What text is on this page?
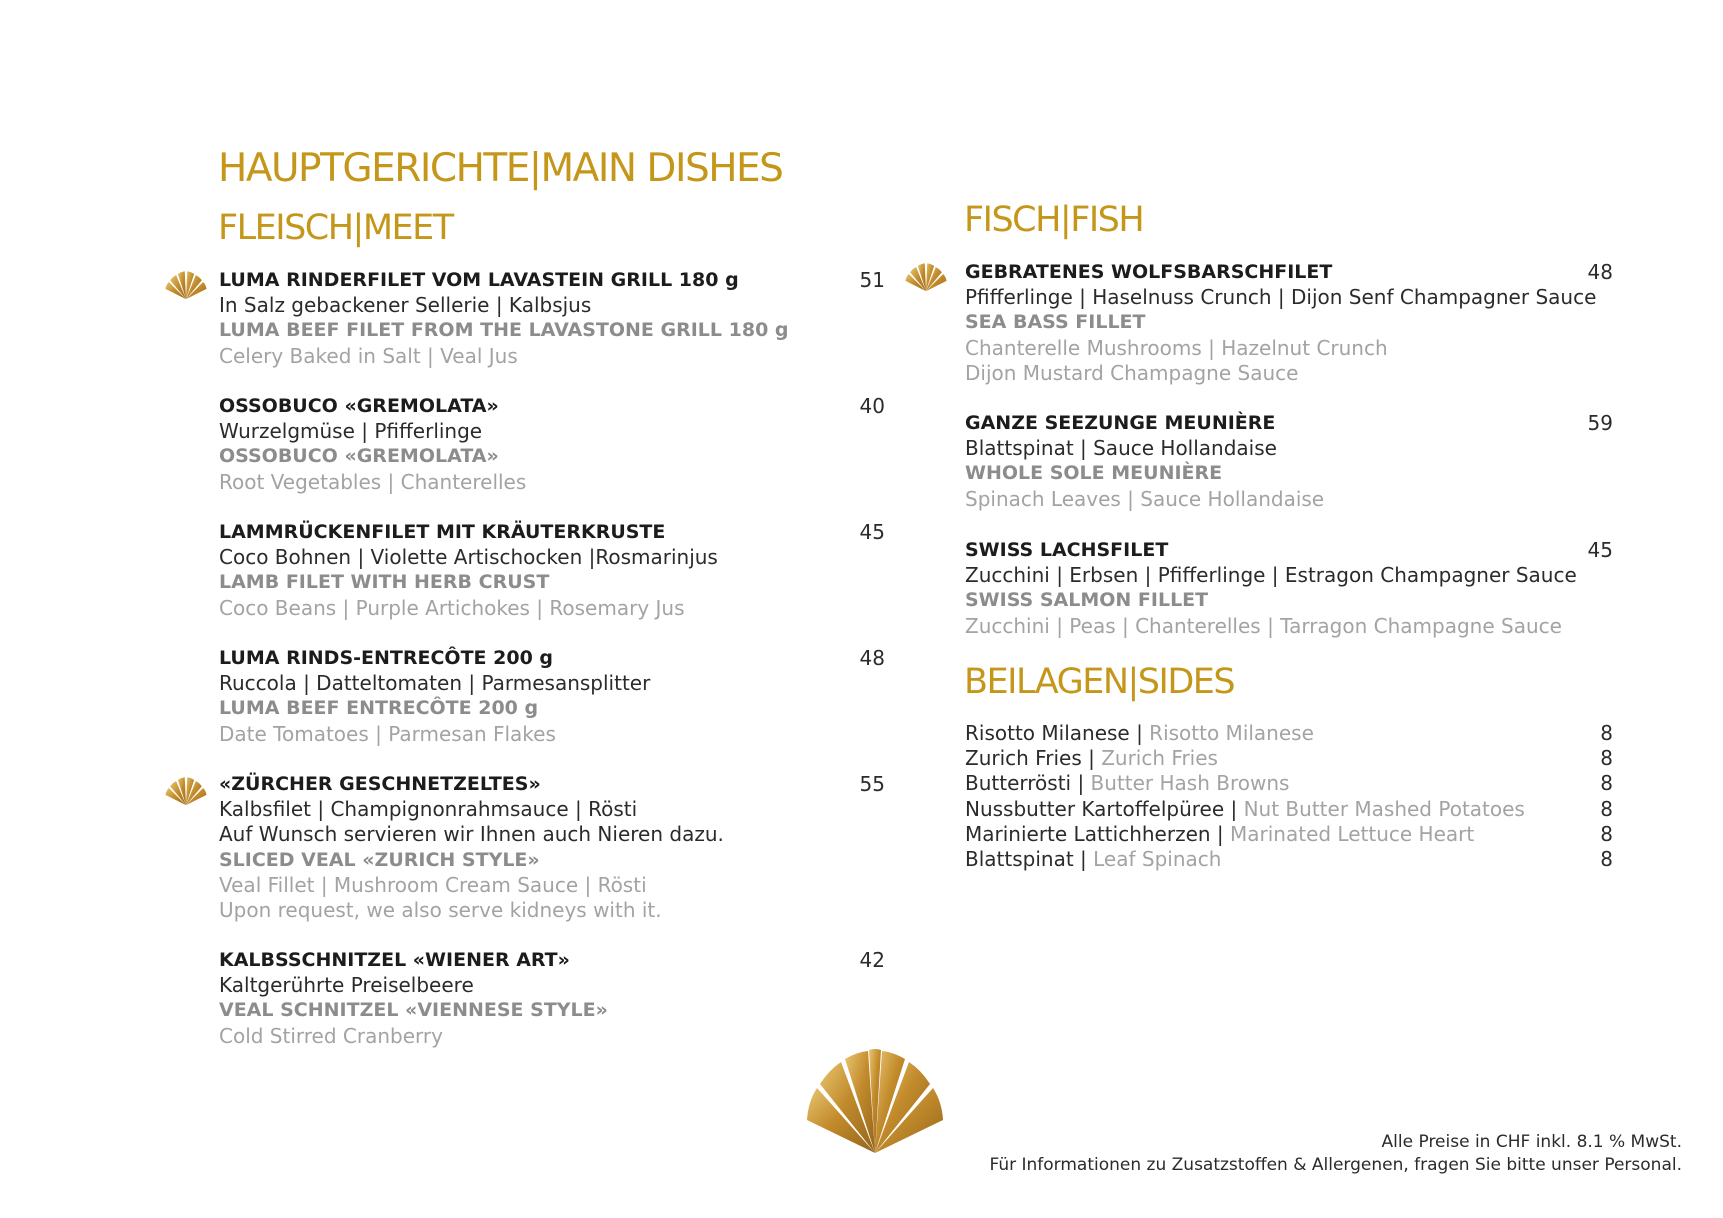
HAUPTGERICHTE|MAIN DISHES
FLEISCH|MEET	FISCH|FISH
BEILAGEN|SIDES
LUMA RINDERFILET VOM LAVASTEIN GRILL 180 g
In Salz gebackener Sellerie | Kalbsjus
LUMA BEEF FILET FROM THE LAVASTONE GRILL 180 g
Celery Baked in Salt | Veal Jus
51
OSSOBUCO «GREMOLATA»
Wurzelgmüse | Pfifferlinge
OSSOBUCO «GREMOLATA»
Root Vegetables | Chanterelles
40
LAMMRÜCKENFILET MIT KRÄUTERKRUSTE
Coco Bohnen | Violette Artischocken |Rosmarinjus
LAMB FILET WITH HERB CRUST
Coco Beans | Purple Artichokes | Rosemary Jus
45
LUMA RINDS-ENTRECÔTE 200 g
Ruccola | Datteltomaten | Parmesansplitter
LUMA BEEF ENTRECÔTE 200 g
Date Tomatoes | Parmesan Flakes
48
«ZÜRCHER GESCHNETZELTES»
Kalbsfilet | Champignonrahmsauce | Rösti
Auf Wunsch servieren wir Ihnen auch Nieren dazu.
SLICED VEAL «ZURICH STYLE»
Veal Fillet | Mushroom Cream Sauce | Rösti
Upon request, we also serve kidneys with it.
55
KALBSSCHNITZEL «WIENER ART»
Kaltgerührte Preiselbeere
VEAL SCHNITZEL «VIENNESE STYLE»
Cold Stirred Cranberry
42
GEBRATENES WOLFSBARSCHFILET
Pfifferlinge | Haselnuss Crunch | Dijon Senf Champagner Sauce
SEA BASS FILLET
Chanterelle Mushrooms | Hazelnut Crunch
Dijon Mustard Champagne Sauce
48
GANZE SEEZUNGE MEUNIÈRE
Blattspinat | Sauce Hollandaise
WHOLE SOLE MEUNIÈRE
Spinach Leaves | Sauce Hollandaise
59
SWISS LACHSFILET
Zucchini | Erbsen | Pfifferlinge | Estragon Champagner Sauce
SWISS SALMON FILLET
Zucchini | Peas | Chanterelles | Tarragon Champagne Sauce
45
Risotto Milanese | Risotto Milanese	8
Zurich Fries | Zurich Fries	8
Butterrösti | Butter Hash Browns	8
Nussbutter Kartoffelpüree | Nut Butter Mashed Potatoes	8
Marinierte Lattichherzen | Marinated Lettuce Heart	8
Blattspinat | Leaf Spinach	8
Alle Preise in CHF inkl. 8.1 % MwSt.
Für Informationen zu Zusatzstoffen & Allergenen, fragen Sie bitte unser Personal.
